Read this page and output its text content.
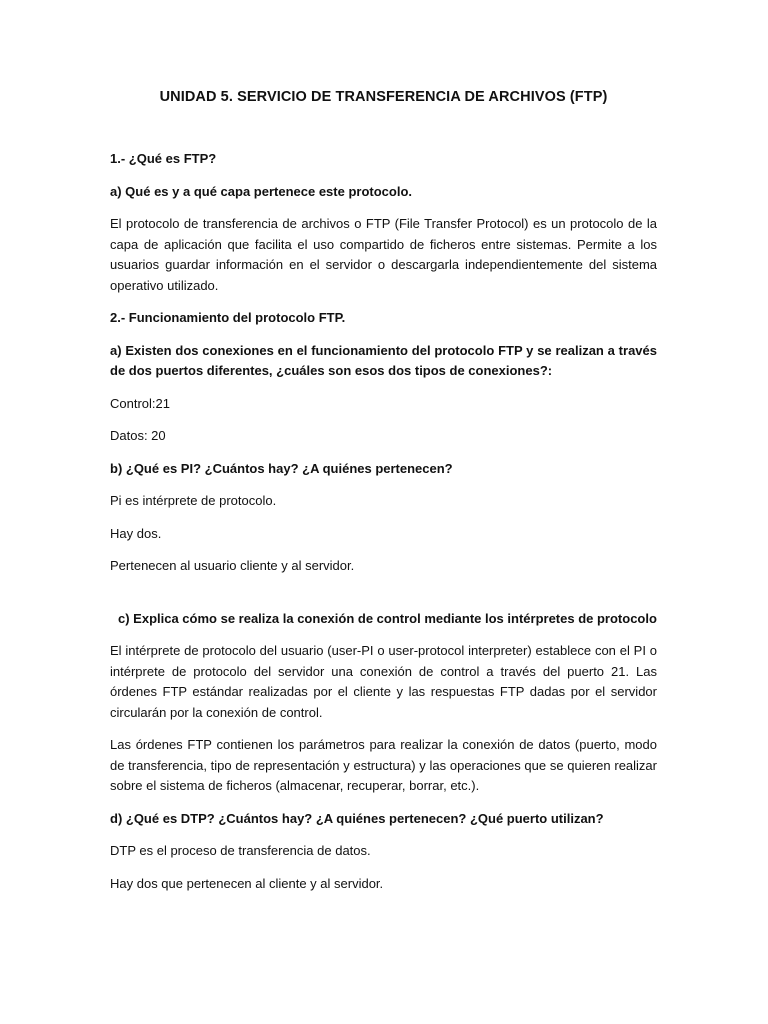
UNIDAD 5. SERVICIO DE TRANSFERENCIA DE ARCHIVOS (FTP)
1.- ¿Qué es FTP?
a) Qué es y a qué capa pertenece este protocolo.
El protocolo de transferencia de archivos o FTP (File Transfer Protocol) es un protocolo de la capa de aplicación que facilita el uso compartido de ficheros entre sistemas. Permite a los usuarios guardar información en el servidor o descargarla independientemente del sistema operativo utilizado.
2.- Funcionamiento del protocolo FTP.
a) Existen dos conexiones en el funcionamiento del protocolo FTP y se realizan a través de dos puertos diferentes, ¿cuáles son esos dos tipos de conexiones?:
Control:21
Datos: 20
b) ¿Qué es PI? ¿Cuántos hay? ¿A quiénes pertenecen?
Pi es intérprete de protocolo.
Hay dos.
Pertenecen al usuario cliente y al servidor.
c) Explica cómo se realiza la conexión de control mediante los intérpretes de protocolo
El intérprete de protocolo del usuario (user-PI o user-protocol interpreter) establece con el PI o intérprete de protocolo del servidor una conexión de control a través del puerto 21. Las órdenes FTP estándar realizadas por el cliente y las respuestas FTP dadas por el servidor circularán por la conexión de control.
Las órdenes FTP contienen los parámetros para realizar la conexión de datos (puerto, modo de transferencia, tipo de representación y estructura) y las operaciones que se quieren realizar sobre el sistema de ficheros (almacenar, recuperar, borrar, etc.).
d) ¿Qué es DTP? ¿Cuántos hay? ¿A quiénes pertenecen? ¿Qué puerto utilizan?
DTP es el proceso de transferencia de datos.
Hay dos que pertenecen al cliente y al servidor.
